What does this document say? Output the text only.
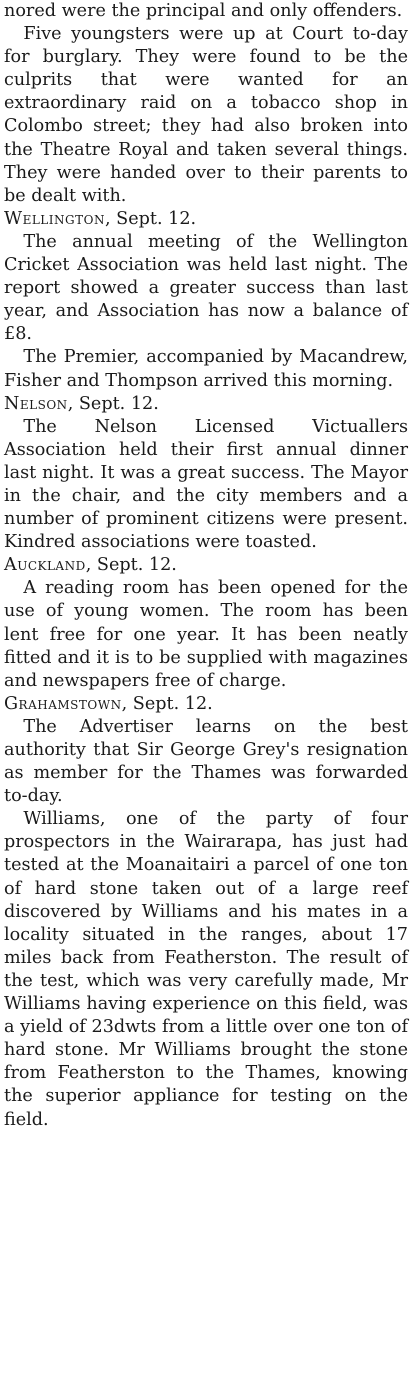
nored were the principal and only offenders.

Five youngsters were up at Court to-day for burglary. They were found to be the culprits that were wanted for an extraordinary raid on a tobacco shop in Colombo street; they had also broken into the Theatre Royal and taken several things. They were handed over to their parents to be dealt with.

Wellington, Sept. 12.

The annual meeting of the Wellington Cricket Association was held last night. The report showed a greater success than last year, and Association has now a balance of £8.

The Premier, accompanied by Macandrew, Fisher and Thompson arrived this morning.

Nelson, Sept. 12.

The Nelson Licensed Victuallers Association held their first annual dinner last night. It was a great success. The Mayor in the chair, and the city members and a number of prominent citizens were present. Kindred associations were toasted.

Auckland, Sept. 12.

A reading room has been opened for the use of young women. The room has been lent free for one year. It has been neatly fitted and it is to be supplied with magazines and newspapers free of charge.

Grahamstown, Sept. 12.

The Advertiser learns on the best authority that Sir George Grey's resignation as member for the Thames was forwarded to-day.

Williams, one of the party of four prospectors in the Wairarapa, has just had tested at the Moanaitairi a parcel of one ton of hard stone taken out of a large reef discovered by Williams and his mates in a locality situated in the ranges, about 17 miles back from Featherston. The result of the test, which was very carefully made, Mr Williams having experience on this field, was a yield of 23dwts from a little over one ton of hard stone. Mr Williams brought the stone from Featherston to the Thames, knowing the superior appliance for testing on the field.
